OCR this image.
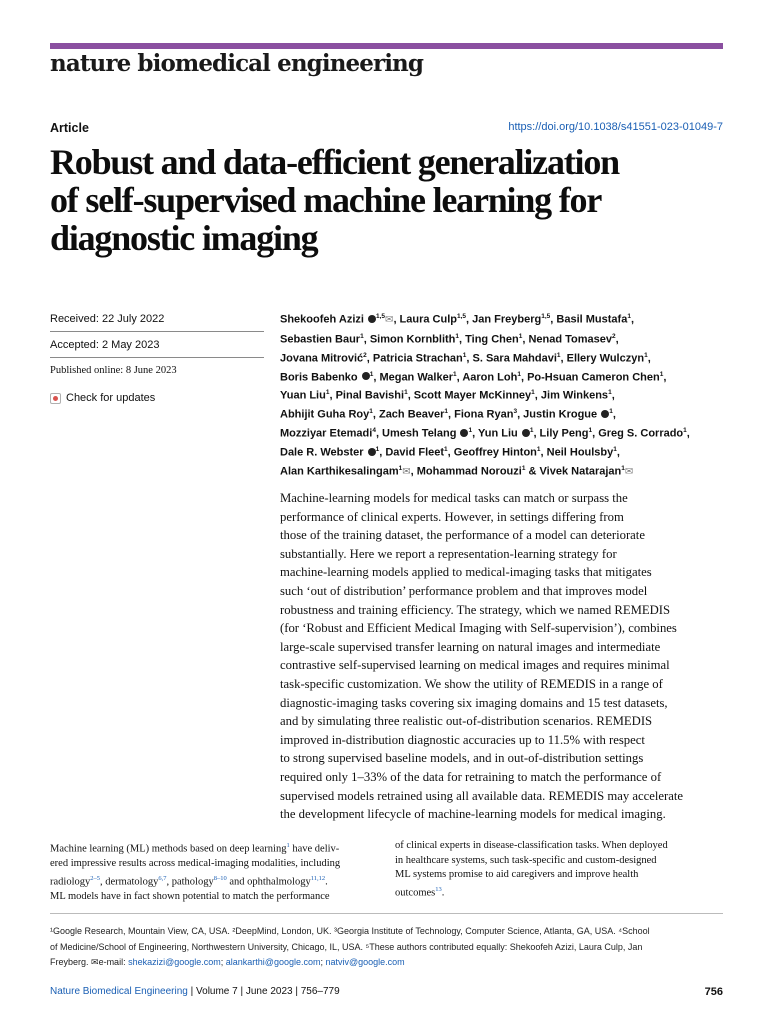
nature biomedical engineering
Article	https://doi.org/10.1038/s41551-023-01049-7
Robust and data-efficient generalization
of self-supervised machine learning for
diagnostic imaging
Received: 22 July 2022
Accepted: 2 May 2023
Published online: 8 June 2023
Check for updates
Shekoofeh Azizi $^{1,5}$✉, Laura Culp$^{1,5}$, Jan Freyberg$^{1,5}$, Basil Mustafa$^1$,
Sebastien Baur$^1$, Simon Kornblith$^1$, Ting Chen$^1$, Nenad Tomasev$^2$,
Jovana Mitrović$^2$, Patricia Strachan$^1$, S. Sara Mahdavi$^1$, Ellery Wulczyn$^1$,
Boris Babenko $^1$, Megan Walker$^1$, Aaron Loh$^1$, Po-Hsuan Cameron Chen$^1$,
Yuan Liu$^1$, Pinal Bavishi$^1$, Scott Mayer McKinney$^1$, Jim Winkens$^1$,
Abhijit Guha Roy$^1$, Zach Beaver$^1$, Fiona Ryan$^3$, Justin Krogue $^1$,
Mozziyar Etemadi$^4$, Umesh Telang $^1$, Yun Liu $^1$, Lily Peng$^1$, Greg S. Corrado$^1$,
Dale R. Webster $^1$, David Fleet$^1$, Geoffrey Hinton$^1$, Neil Houlsby$^1$,
Alan Karthikesalingam$^1$✉, Mohammad Norouzi$^1$ & Vivek Natarajan$^1$✉
Machine-learning models for medical tasks can match or surpass the
performance of clinical experts. However, in settings differing from
those of the training dataset, the performance of a model can deteriorate
substantially. Here we report a representation-learning strategy for
machine-learning models applied to medical-imaging tasks that mitigates
such ‘out of distribution’ performance problem and that improves model
robustness and training efficiency. The strategy, which we named REMEDIS
(for ‘Robust and Efficient Medical Imaging with Self-supervision’), combines
large-scale supervised transfer learning on natural images and intermediate
contrastive self-supervised learning on medical images and requires minimal
task-specific customization. We show the utility of REMEDIS in a range of
diagnostic-imaging tasks covering six imaging domains and 15 test datasets,
and by simulating three realistic out-of-distribution scenarios. REMEDIS
improved in-distribution diagnostic accuracies up to 11.5% with respect
to strong supervised baseline models, and in out-of-distribution settings
required only 1–33% of the data for retraining to match the performance of
supervised models retrained using all available data. REMEDIS may accelerate
the development lifecycle of machine-learning models for medical imaging.
Machine learning (ML) methods based on deep learning$^1$ have deliv-
ered impressive results across medical-imaging modalities, including
radiology$^{2-5}$, dermatology$^{6,7}$, pathology$^{8-10}$ and ophthalmology$^{11,12}$.
ML models have in fact shown potential to match the performance
of clinical experts in disease-classification tasks. When deployed
in healthcare systems, such task-specific and custom-designed
ML systems promise to aid caregivers and improve health
outcomes$^{13}$.
¹Google Research, Mountain View, CA, USA. ²DeepMind, London, UK. ³Georgia Institute of Technology, Computer Science, Atlanta, GA, USA. ⁴School
of Medicine/School of Engineering, Northwestern University, Chicago, IL, USA. ⁵These authors contributed equally: Shekoofeh Azizi, Laura Culp, Jan
Freyberg. ✉e-mail: shekazizi@google.com; alankarthi@google.com; natviv@google.com
Nature Biomedical Engineering | Volume 7 | June 2023 | 756–779	756
